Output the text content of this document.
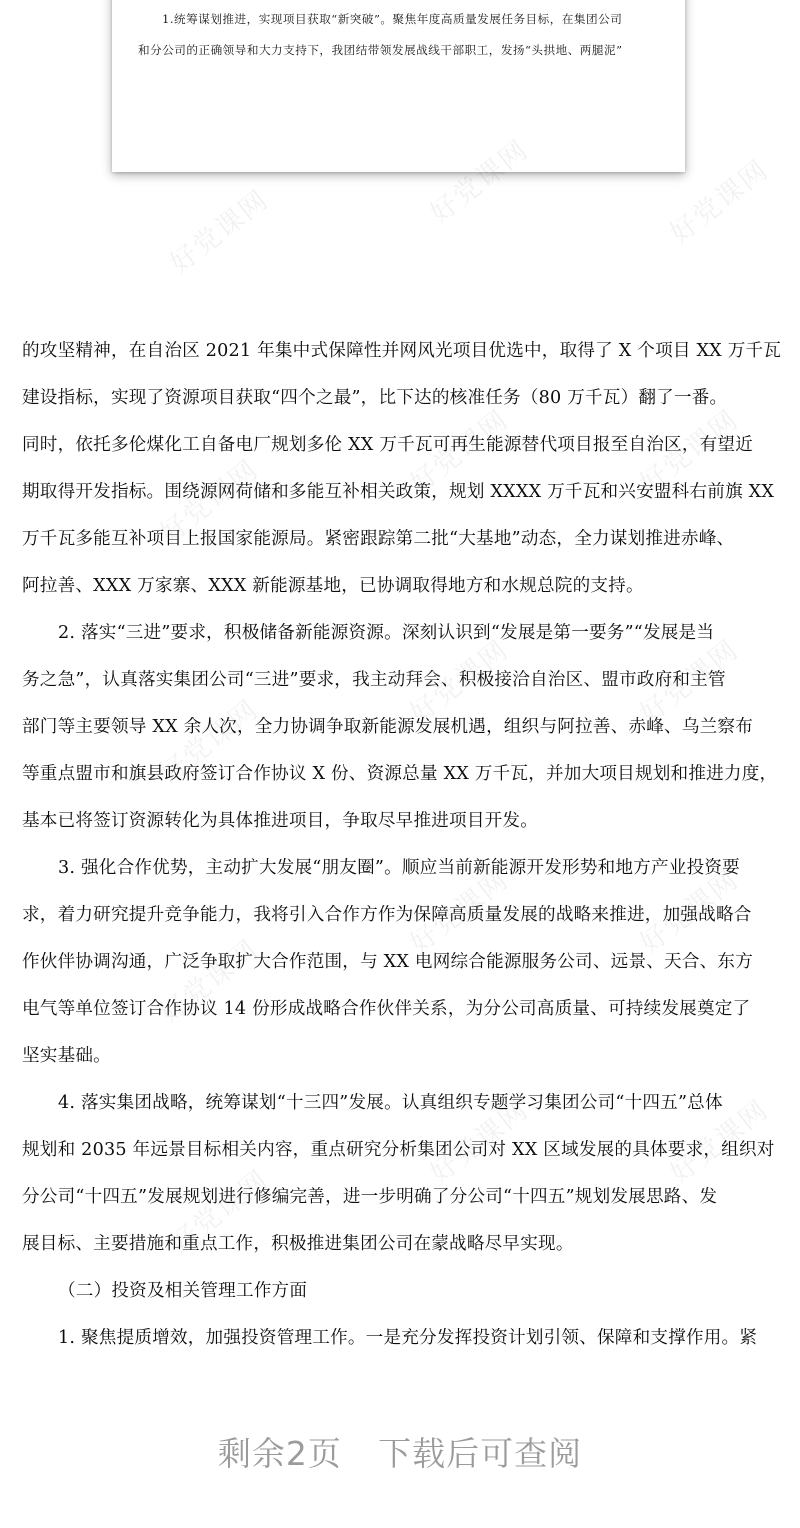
1.统筹谋划推进，实现项目获取“新突破”。聚焦年度高质量发展任务目标，在集团公司
和分公司的正确领导和大力支持下，我团结带领发展战线干部职工，发扬“头拱地、两腿泥”
好党课网
好党课网	好党课网
好党课网
好党课网	好党课网
好党课网
好党课网	好党课网
好党课网
好党课网	好党课网
好党课网
好党课网	好党课网
的攻坚精神，在自治区 2021 年集中式保障性并网风光项目优选中，取得了 X 个项目 XX 万千瓦
建设指标，实现了资源项目获取“四个之最”，比下达的核准任务（80 万千瓦）翻了一番。
同时，依托多伦煤化工自备电厂规划多伦 XX 万千瓦可再生能源替代项目报至自治区，有望近
期取得开发指标。围绕源网荷储和多能互补相关政策，规划 XXXX 万千瓦和兴安盟科右前旗 XX
万千瓦多能互补项目上报国家能源局。紧密跟踪第二批“大基地”动态，全力谋划推进赤峰、
阿拉善、XXX 万家寨、XXX 新能源基地，已协调取得地方和水规总院的支持。
2. 落实“三进”要求，积极储备新能源资源。深刻认识到“发展是第一要务”“发展是当
务之急”，认真落实集团公司“三进”要求，我主动拜会、积极接洽自治区、盟市政府和主管
部门等主要领导 XX 余人次，全力协调争取新能源发展机遇，组织与阿拉善、赤峰、乌兰察布
等重点盟市和旗县政府签订合作协议 X 份、资源总量 XX 万千瓦，并加大项目规划和推进力度，
基本已将签订资源转化为具体推进项目，争取尽早推进项目开发。
3. 强化合作优势，主动扩大发展“朋友圈”。顺应当前新能源开发形势和地方产业投资要
求，着力研究提升竞争能力，我将引入合作方作为保障高质量发展的战略来推进，加强战略合
作伙伴协调沟通，广泛争取扩大合作范围，与 XX 电网综合能源服务公司、远景、天合、东方
电气等单位签订合作协议 14 份形成战略合作伙伴关系，为分公司高质量、可持续发展奠定了
坚实基础。
4. 落实集团战略，统筹谋划“十三四”发展。认真组织专题学习集团公司“十四五”总体
规划和 2035 年远景目标相关内容，重点研究分析集团公司对 XX 区域发展的具体要求，组织对
分公司“十四五”发展规划进行修编完善，进一步明确了分公司“十四五”规划发展思路、发
展目标、主要措施和重点工作，积极推进集团公司在蒙战略尽早实现。
（二）投资及相关管理工作方面
1. 聚焦提质增效，加强投资管理工作。一是充分发挥投资计划引领、保障和支撑作用。紧
剩余2页 下载后可查阅
